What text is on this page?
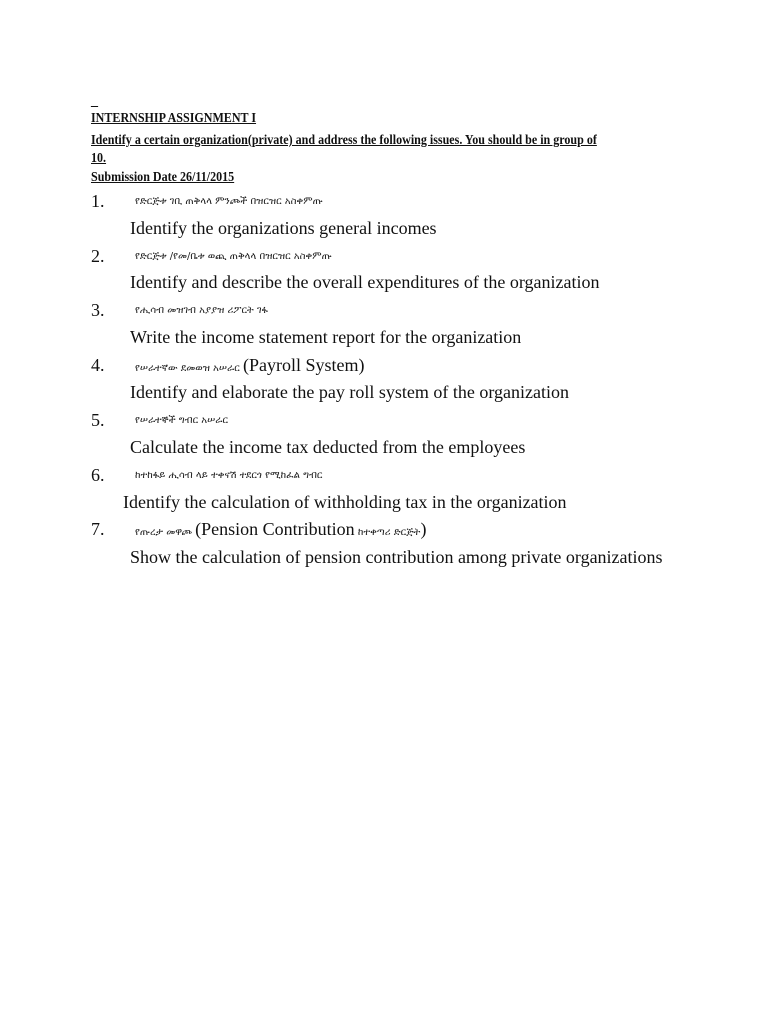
_
INTERNSHIP ASSIGNMENT I
Identify a certain organization(private) and address the following issues. You should be in group of
10.
Submission Date 26/11/2015
1.	የድርጅቱ ገቢ ጠቅላላ ምንጮች በዝርዝር አስቀምጡ
Identify the organizations general incomes
2.	የድርጅቱ /የመ/ቤቱ ወጪ ጠቅላላ በዝርዝር አስቀምጡ
Identify and describe the overall expenditures of the organization
3.	የሒሳብ መዝገብ አያያዝ ሪፖርት ገፋ
Write the income statement report for the organization
4.	የሠራተኛው ደመወዝ አሠራር (Payroll System)
Identify and elaborate the pay roll system of the organization
5.	የሠራተኞች ግብር አሠራር
Calculate the income tax deducted from the employees
6.	ከተከፋይ ሒሳብ ላይ ተቀናሽ ተደርጎ የሚከፈል ግብር
Identify the calculation of withholding tax in the organization
7.	የጡረታ መዋጮ (Pension Contribution ከተቀጣሪ ድርጅት)
Show the calculation of pension contribution among private organizations
